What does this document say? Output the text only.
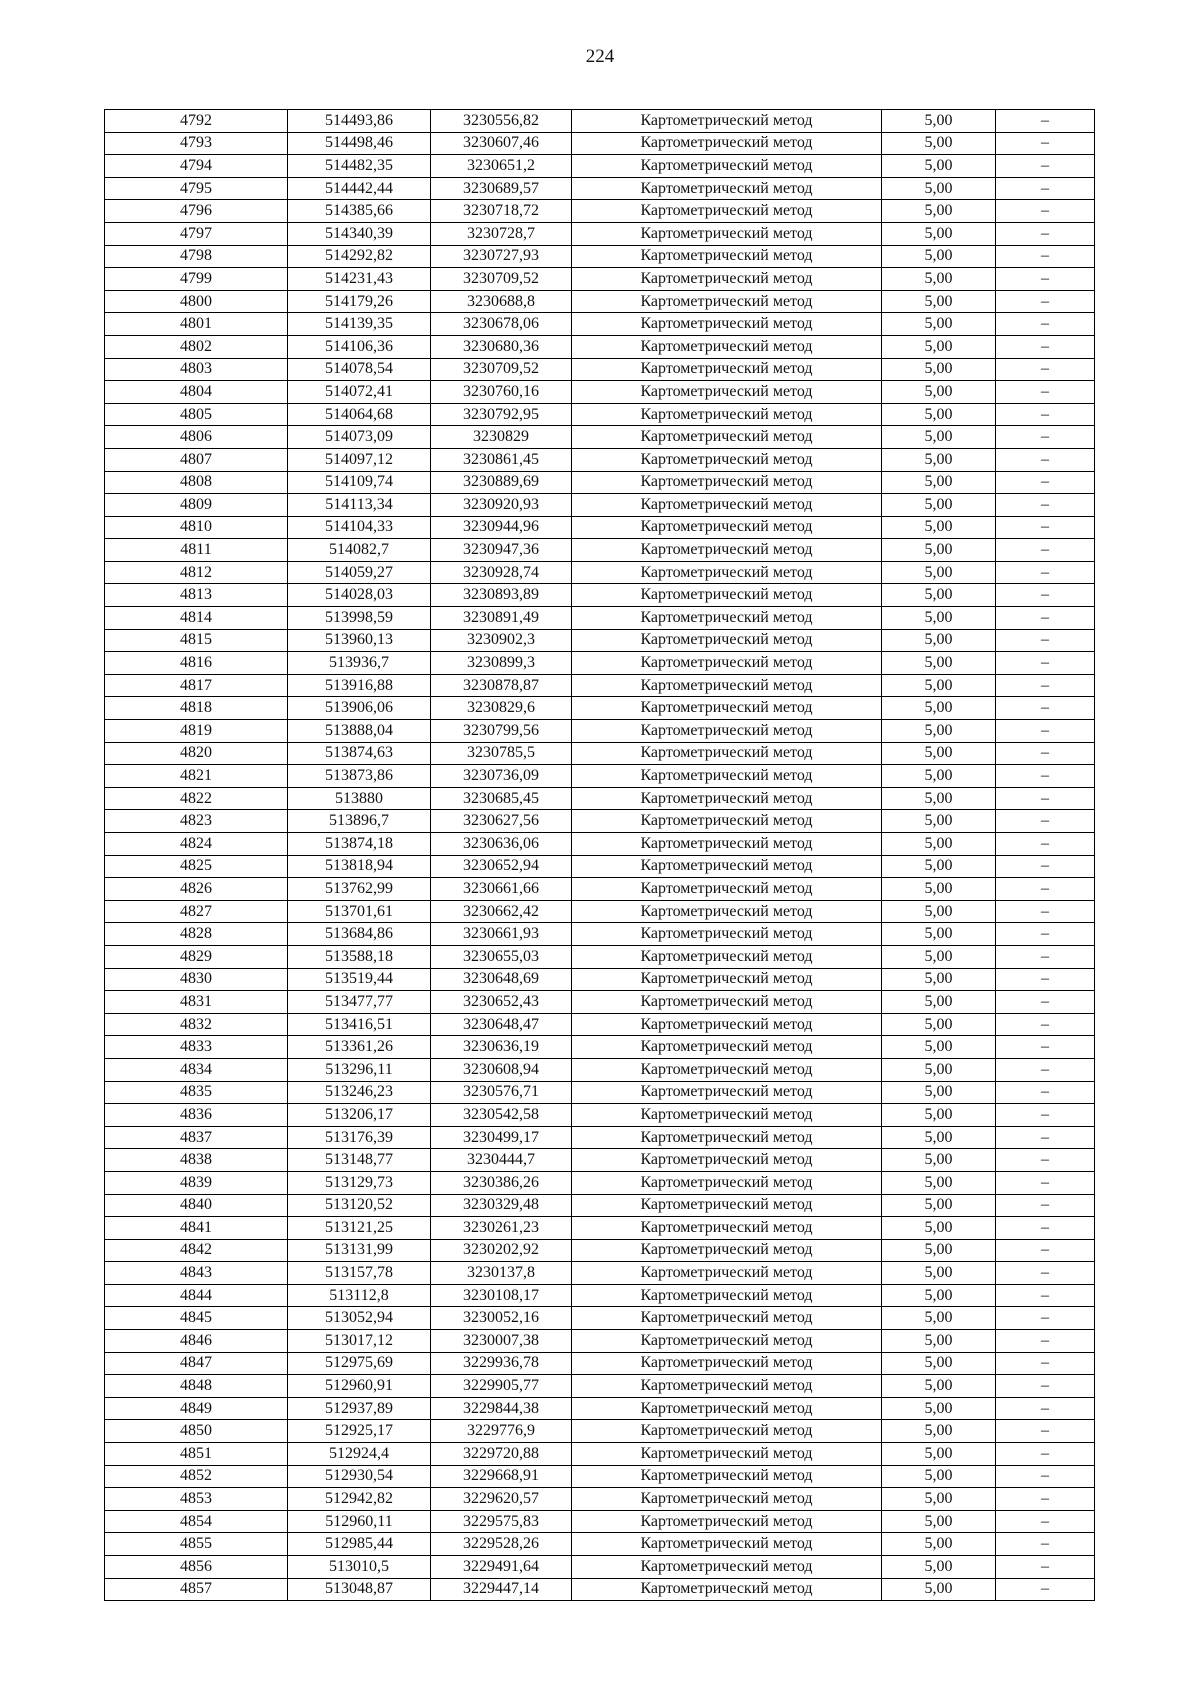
224
4792	514493,86	3230556,82	Картометрический метод	5,00	–
4793	514498,46	3230607,46	Картометрический метод	5,00	–
4794	514482,35	3230651,2	Картометрический метод	5,00	–
4795	514442,44	3230689,57	Картометрический метод	5,00	–
4796	514385,66	3230718,72	Картометрический метод	5,00	–
4797	514340,39	3230728,7	Картометрический метод	5,00	–
4798	514292,82	3230727,93	Картометрический метод	5,00	–
4799	514231,43	3230709,52	Картометрический метод	5,00	–
4800	514179,26	3230688,8	Картометрический метод	5,00	–
4801	514139,35	3230678,06	Картометрический метод	5,00	–
4802	514106,36	3230680,36	Картометрический метод	5,00	–
4803	514078,54	3230709,52	Картометрический метод	5,00	–
4804	514072,41	3230760,16	Картометрический метод	5,00	–
4805	514064,68	3230792,95	Картометрический метод	5,00	–
4806	514073,09	3230829	Картометрический метод	5,00	–
4807	514097,12	3230861,45	Картометрический метод	5,00	–
4808	514109,74	3230889,69	Картометрический метод	5,00	–
4809	514113,34	3230920,93	Картометрический метод	5,00	–
4810	514104,33	3230944,96	Картометрический метод	5,00	–
4811	514082,7	3230947,36	Картометрический метод	5,00	–
4812	514059,27	3230928,74	Картометрический метод	5,00	–
4813	514028,03	3230893,89	Картометрический метод	5,00	–
4814	513998,59	3230891,49	Картометрический метод	5,00	–
4815	513960,13	3230902,3	Картометрический метод	5,00	–
4816	513936,7	3230899,3	Картометрический метод	5,00	–
4817	513916,88	3230878,87	Картометрический метод	5,00	–
4818	513906,06	3230829,6	Картометрический метод	5,00	–
4819	513888,04	3230799,56	Картометрический метод	5,00	–
4820	513874,63	3230785,5	Картометрический метод	5,00	–
4821	513873,86	3230736,09	Картометрический метод	5,00	–
4822	513880	3230685,45	Картометрический метод	5,00	–
4823	513896,7	3230627,56	Картометрический метод	5,00	–
4824	513874,18	3230636,06	Картометрический метод	5,00	–
4825	513818,94	3230652,94	Картометрический метод	5,00	–
4826	513762,99	3230661,66	Картометрический метод	5,00	–
4827	513701,61	3230662,42	Картометрический метод	5,00	–
4828	513684,86	3230661,93	Картометрический метод	5,00	–
4829	513588,18	3230655,03	Картометрический метод	5,00	–
4830	513519,44	3230648,69	Картометрический метод	5,00	–
4831	513477,77	3230652,43	Картометрический метод	5,00	–
4832	513416,51	3230648,47	Картометрический метод	5,00	–
4833	513361,26	3230636,19	Картометрический метод	5,00	–
4834	513296,11	3230608,94	Картометрический метод	5,00	–
4835	513246,23	3230576,71	Картометрический метод	5,00	–
4836	513206,17	3230542,58	Картометрический метод	5,00	–
4837	513176,39	3230499,17	Картометрический метод	5,00	–
4838	513148,77	3230444,7	Картометрический метод	5,00	–
4839	513129,73	3230386,26	Картометрический метод	5,00	–
4840	513120,52	3230329,48	Картометрический метод	5,00	–
4841	513121,25	3230261,23	Картометрический метод	5,00	–
4842	513131,99	3230202,92	Картометрический метод	5,00	–
4843	513157,78	3230137,8	Картометрический метод	5,00	–
4844	513112,8	3230108,17	Картометрический метод	5,00	–
4845	513052,94	3230052,16	Картометрический метод	5,00	–
4846	513017,12	3230007,38	Картометрический метод	5,00	–
4847	512975,69	3229936,78	Картометрический метод	5,00	–
4848	512960,91	3229905,77	Картометрический метод	5,00	–
4849	512937,89	3229844,38	Картометрический метод	5,00	–
4850	512925,17	3229776,9	Картометрический метод	5,00	–
4851	512924,4	3229720,88	Картометрический метод	5,00	–
4852	512930,54	3229668,91	Картометрический метод	5,00	–
4853	512942,82	3229620,57	Картометрический метод	5,00	–
4854	512960,11	3229575,83	Картометрический метод	5,00	–
4855	512985,44	3229528,26	Картометрический метод	5,00	–
4856	513010,5	3229491,64	Картометрический метод	5,00	–
4857	513048,87	3229447,14	Картометрический метод	5,00	–
